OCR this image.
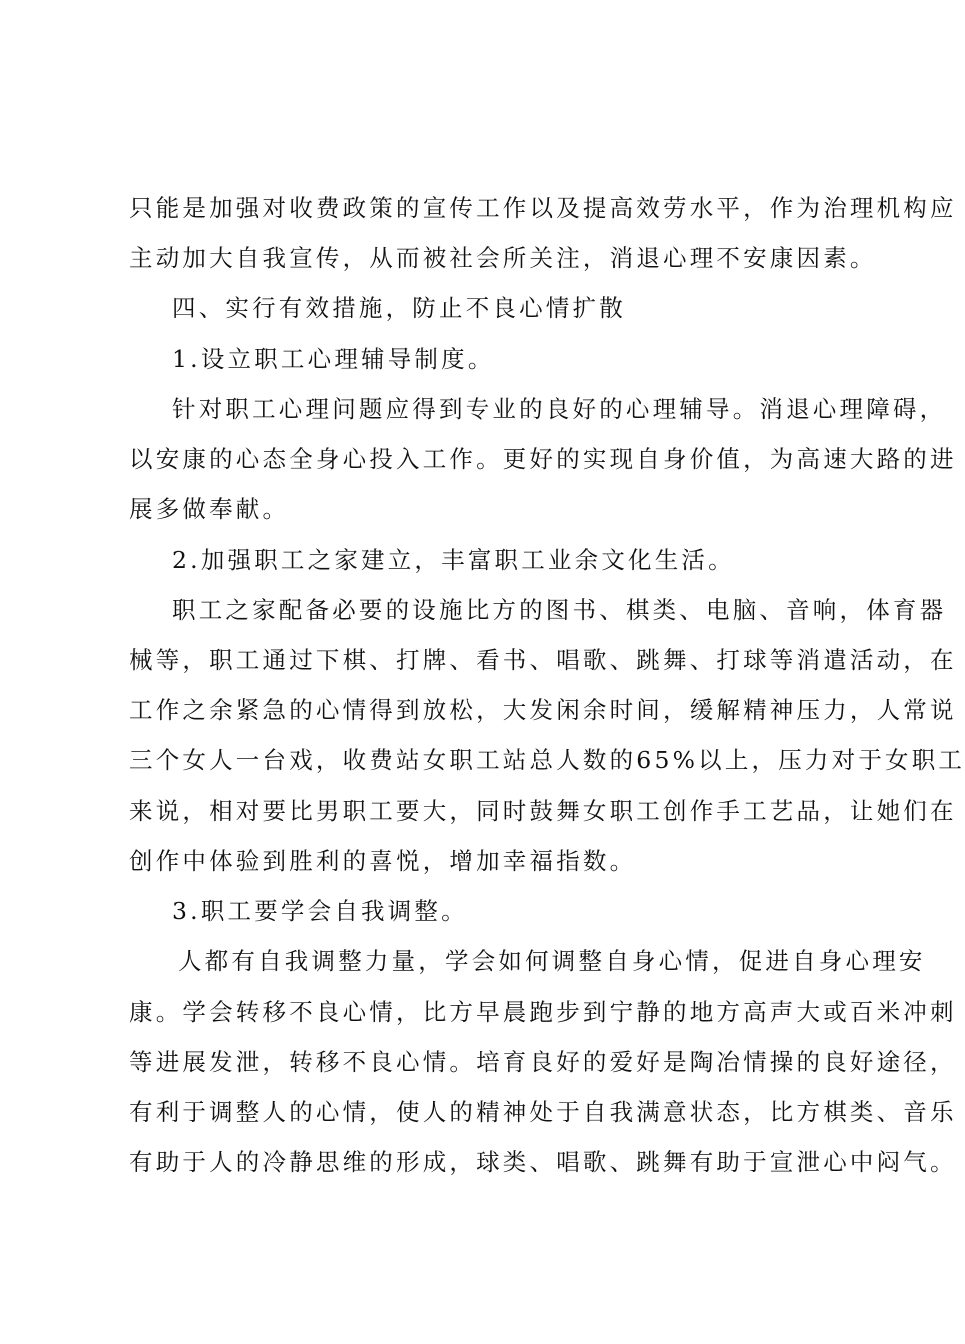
只能是加强对收费政策的宣传工作以及提高效劳水平，作为治理机构应
主动加大自我宣传，从而被社会所关注，消退心理不安康因素。
四、实行有效措施，防止不良心情扩散
1.设立职工心理辅导制度。
针对职工心理问题应得到专业的良好的心理辅导。消退心理障碍，
以安康的心态全身心投入工作。更好的实现自身价值，为高速大路的进
展多做奉献。
2.加强职工之家建立，丰富职工业余文化生活。
职工之家配备必要的设施比方的图书、棋类、电脑、音响，体育器
械等，职工通过下棋、打牌、看书、唱歌、跳舞、打球等消遣活动，在
工作之余紧急的心情得到放松，大发闲余时间，缓解精神压力，人常说
三个女人一台戏，收费站女职工站总人数的65%以上，压力对于女职工
来说，相对要比男职工要大，同时鼓舞女职工创作手工艺品，让她们在
创作中体验到胜利的喜悦，增加幸福指数。
3.职工要学会自我调整。
人都有自我调整力量，学会如何调整自身心情，促进自身心理安
康。学会转移不良心情，比方早晨跑步到宁静的地方高声大或百米冲刺
等进展发泄，转移不良心情。培育良好的爱好是陶冶情操的良好途径，
有利于调整人的心情，使人的精神处于自我满意状态，比方棋类、音乐
有助于人的冷静思维的形成，球类、唱歌、跳舞有助于宣泄心中闷气。
